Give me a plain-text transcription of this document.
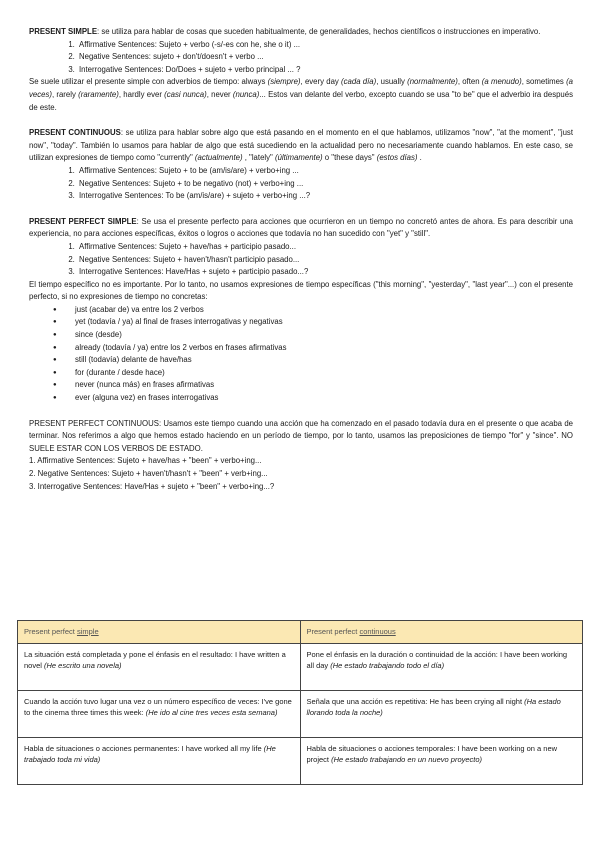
PRESENT SIMPLE: se utiliza para hablar de cosas que suceden habitualmente, de generalidades, hechos científicos o instrucciones en imperativo.

1. Affirmative Sentences: Sujeto + verbo (-s/-es con he, she o it) ...
2. Negative Sentences: sujeto + don't/doesn't + verbo ...
3. Interrogative Sentences: Do/Does + sujeto + verbo principal ... ?

Se suele utilizar el presente simple con adverbios de tiempo: always (siempre), every day (cada día), usually (normalmente), often (a menudo), sometimes (a veces), rarely (raramente), hardly ever (casi nunca), never (nunca)... Estos van delante del verbo, excepto cuando se usa "to be" que el adverbio ira después de este.

PRESENT CONTINUOUS: se utiliza para hablar sobre algo que está pasando en el momento en el que hablamos, utilizamos "now", "at the moment", "just now", "today". También lo usamos para hablar de algo que está sucediendo en la actualidad pero no necesariamente cuando hablamos. En este caso, se utilizan expresiones de tiempo como "currently" (actualmente) , "lately" (últimamente) o "these days" (estos días) .

1. Affirmative Sentences: Sujeto + to be (am/is/are) + verbo+ing ...
2. Negative Sentences: Sujeto + to be negativo (not) + verbo+ing ...
3. Interrogative Sentences: To be (am/is/are) + sujeto + verbo+ing ...?

PRESENT PERFECT SIMPLE: Se usa el presente perfecto para acciones que ocurrieron en un tiempo no concretó antes de ahora. Es para describir una experiencia, no para acciones específicas, éxitos o logros o acciones que todavía no han sucedido con "yet" y "still".

1. Affirmative Sentences: Sujeto + have/has + participio pasado...
2. Negative Sentences: Sujeto + haven't/hasn't participio pasado...
3. Interrogative Sentences: Have/Has + sujeto + participio pasado...?

El tiempo específico no es importante. Por lo tanto, no usamos expresiones de tiempo específicas ("this morning", "yesterday", "last year"...) con el presente perfecto, si no expresiones de tiempo no concretas:

● just (acabar de) va entre los 2 verbos
● yet (todavía / ya) al final de frases interrogativas y negativas
● since (desde)
● already (todavía / ya) entre los 2 verbos en frases afirmativas
● still (todavía) delante de have/has
● for (durante / desde hace)
● never (nunca más) en frases afirmativas
● ever (alguna vez) en frases interrogativas

PRESENT PERFECT CONTINUOUS: Usamos este tiempo cuando una acción que ha comenzado en el pasado todavía dura en el presente o que acaba de terminar. Nos referimos a algo que hemos estado haciendo en un período de tiempo, por lo tanto, usamos las preposiciones de tiempo "for" y "since". NO SUELE ESTAR CON LOS VERBOS DE ESTADO.

1. Affirmative Sentences: Sujeto + have/has + "been" + verbo+ing...
2. Negative Sentences: Sujeto + haven't/hasn't + "been" + verb+ing...
3. Interrogative Sentences: Have/Has + sujeto + "been" + verbo+ing...?
Present perfect simple	Present perfect continuous
La situación está completada y pone el énfasis en el resultado: I have written a novel (He escrito una novela)	Pone el énfasis en la duración o continuidad de la acción: I have been working all day (He estado trabajando todo el día)
Cuando la acción tuvo lugar una vez o un número específico de veces: I've gone to the cinema three times this week: (He ido al cine tres veces esta semana)	Señala que una acción es repetitiva: He has been crying all night (Ha estado llorando toda la noche)
Habla de situaciones o acciones permanentes: I have worked all my life (He trabajado toda mi vida)	Habla de situaciones o acciones temporales: I have been working on a new project (He estado trabajando en un nuevo proyecto)
